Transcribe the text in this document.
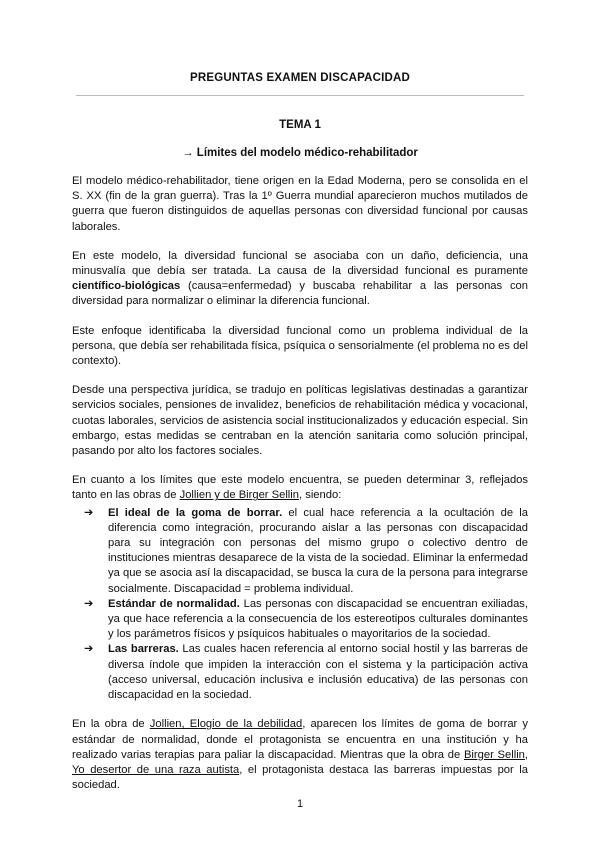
PREGUNTAS EXAMEN DISCAPACIDAD
TEMA 1
→ Límites del modelo médico-rehabilitador

El modelo médico-rehabilitador, tiene origen en la Edad Moderna, pero se consolida en el S. XX (fin de la gran guerra). Tras la 1º Guerra mundial aparecieron muchos mutilados de guerra que fueron distinguidos de aquellas personas con diversidad funcional por causas laborales.

En este modelo, la diversidad funcional se asociaba con un daño, deficiencia, una minusvalía que debía ser tratada. La causa de la diversidad funcional es puramente científico-biológicas (causa=enfermedad) y buscaba rehabilitar a las personas con diversidad para normalizar o eliminar la diferencia funcional.

Este enfoque identificaba la diversidad funcional como un problema individual de la persona, que debía ser rehabilitada física, psíquica o sensorialmente (el problema no es del contexto).

Desde una perspectiva jurídica, se tradujo en políticas legislativas destinadas a garantizar servicios sociales, pensiones de invalidez, beneficios de rehabilitación médica y vocacional, cuotas laborales, servicios de asistencia social institucionalizados y educación especial. Sin embargo, estas medidas se centraban en la atención sanitaria como solución principal, pasando por alto los factores sociales.

En cuanto a los límites que este modelo encuentra, se pueden determinar 3, reflejados tanto en las obras de Jollien y de Birger Sellin, siendo:

➔ El ideal de la goma de borrar. el cual hace referencia a la ocultación de la diferencia como integración, procurando aislar a las personas con discapacidad para su integración con personas del mismo grupo o colectivo dentro de instituciones mientras desaparece de la vista de la sociedad. Eliminar la enfermedad ya que se asocia así la discapacidad, se busca la cura de la persona para integrarse socialmente. Discapacidad = problema individual.
➔ Estándar de normalidad. Las personas con discapacidad se encuentran exiliadas, ya que hace referencia a la consecuencia de los estereotipos culturales dominantes y los parámetros físicos y psíquicos habituales o mayoritarios de la sociedad.
➔ Las barreras. Las cuales hacen referencia al entorno social hostil y las barreras de diversa índole que impiden la interacción con el sistema y la participación activa (acceso universal, educación inclusiva e inclusión educativa) de las personas con discapacidad en la sociedad.

En la obra de Jollien, Elogio de la debilidad, aparecen los límites de goma de borrar y estándar de normalidad, donde el protagonista se encuentra en una institución y ha realizado varias terapias para paliar la discapacidad. Mientras que la obra de Birger Sellin, Yo desertor de una raza autista, el protagonista destaca las barreras impuestas por la sociedad.

1
